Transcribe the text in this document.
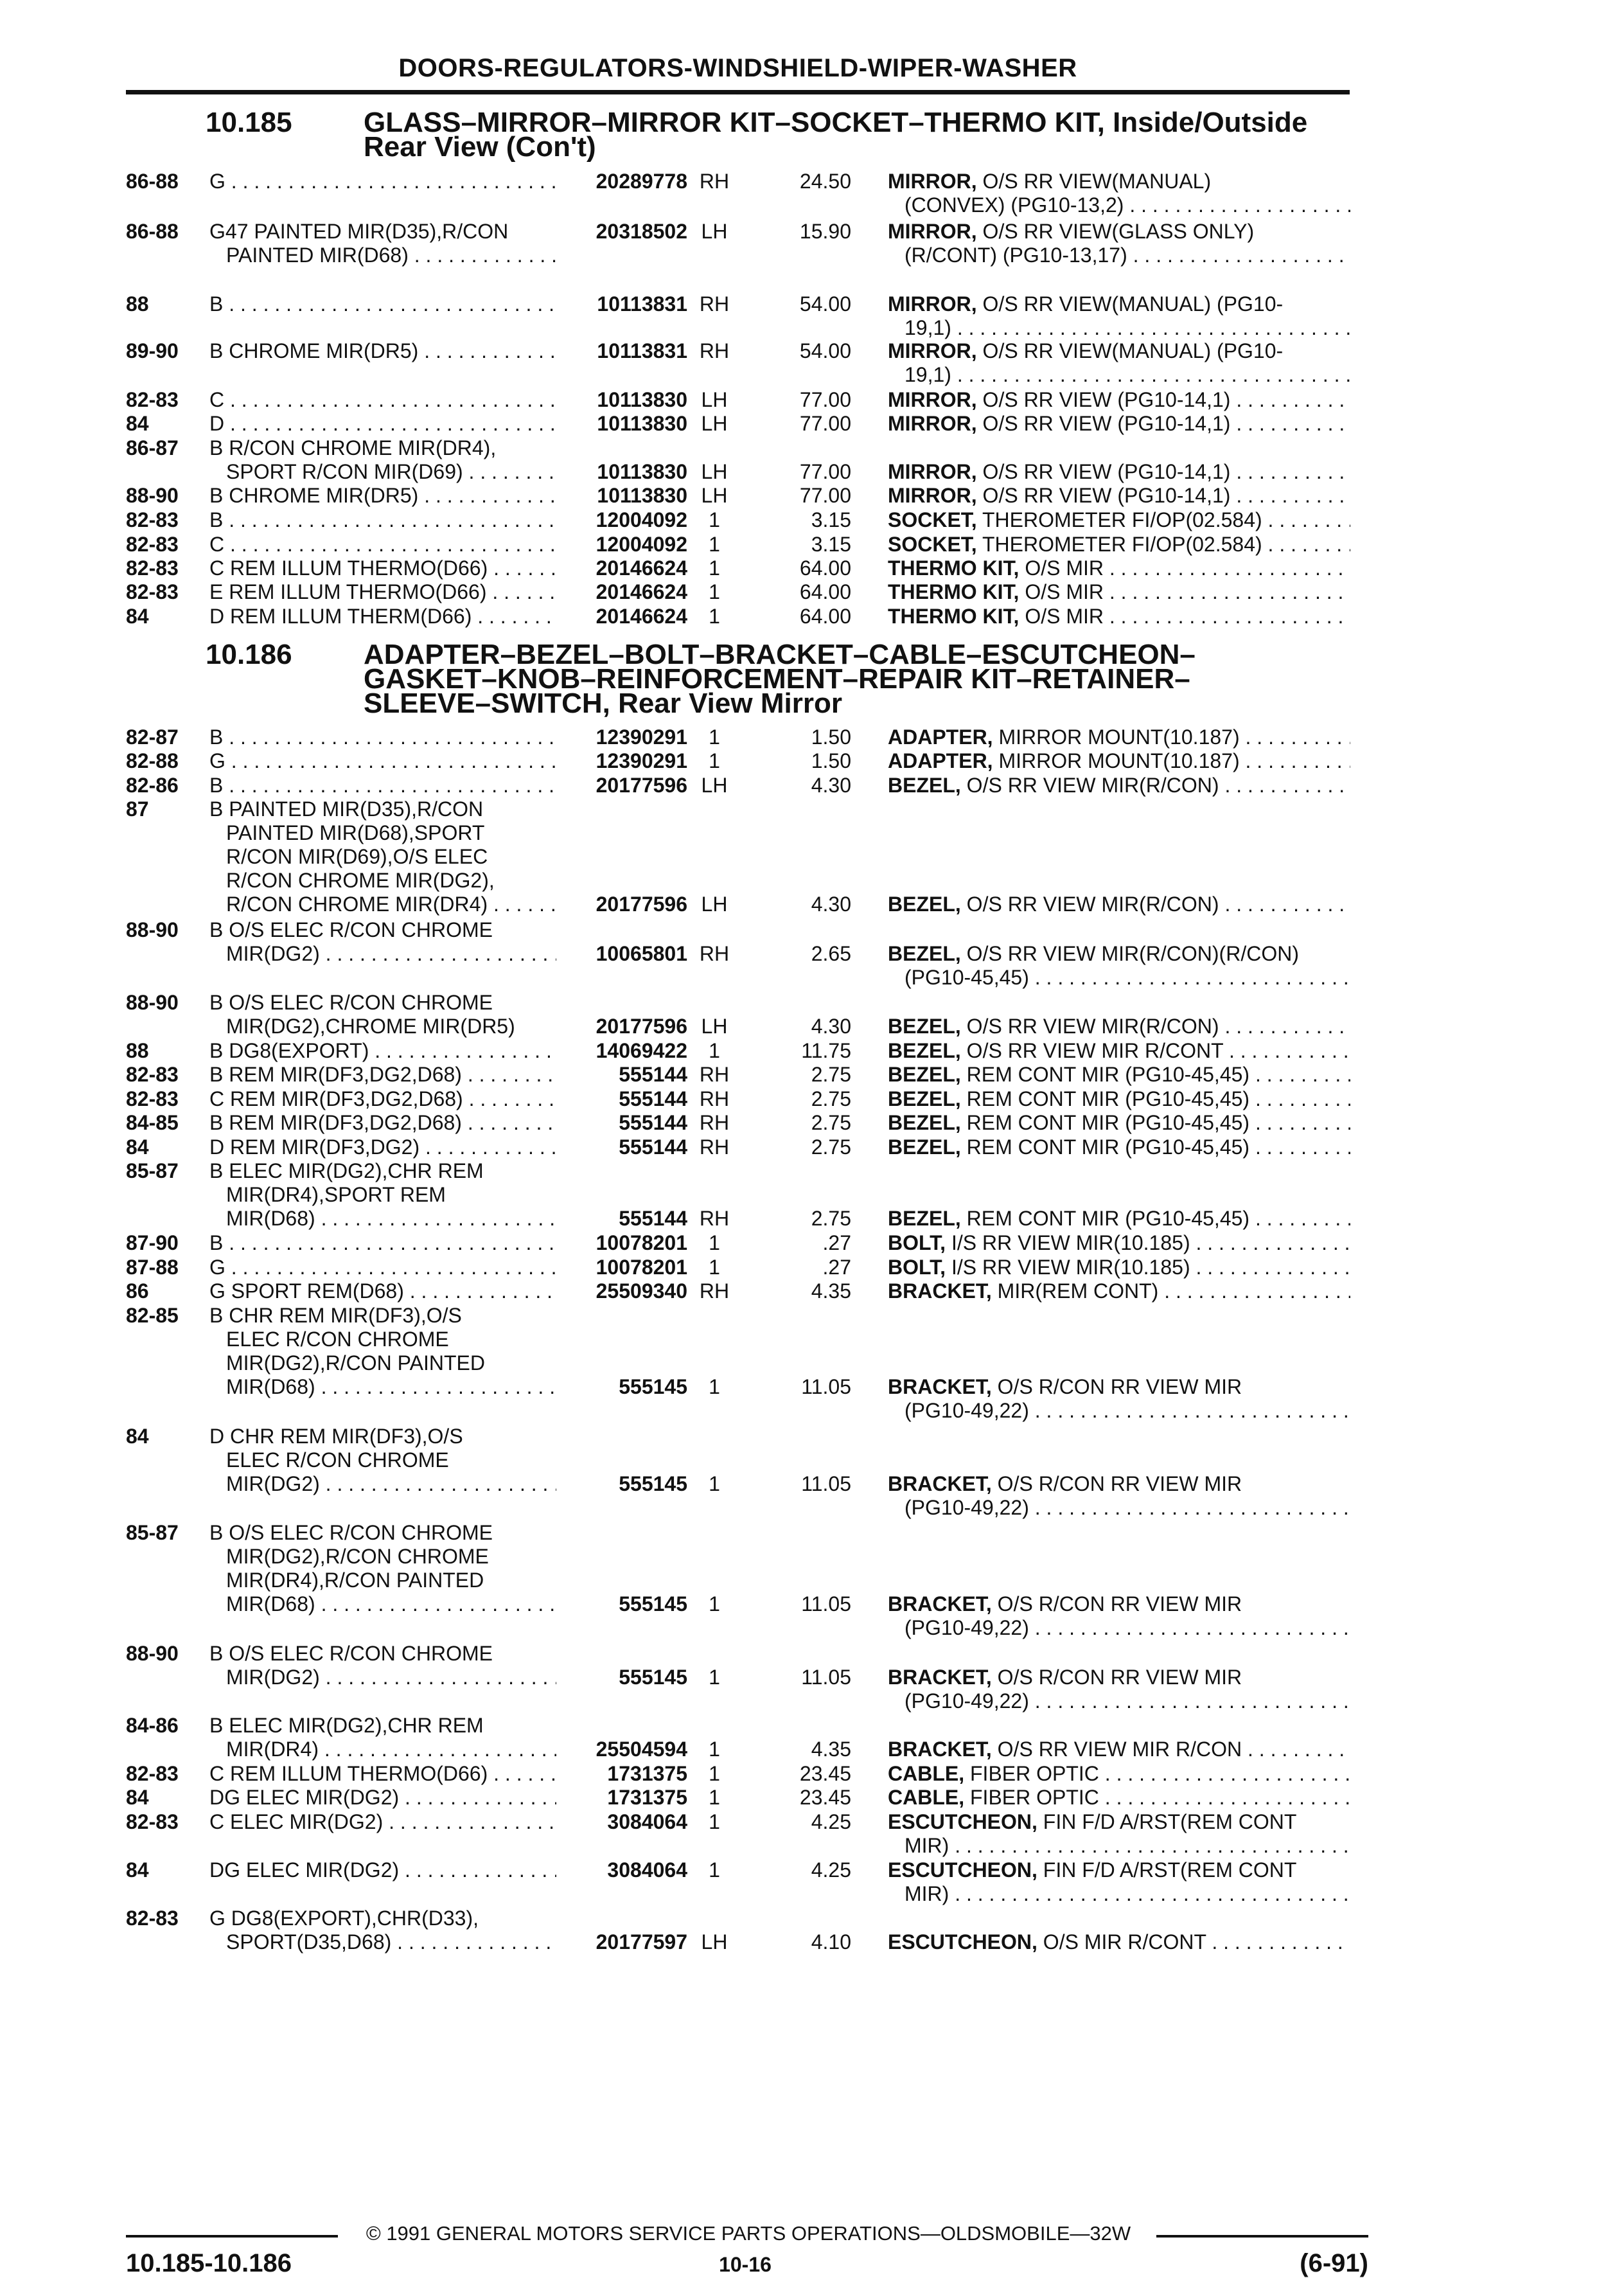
DOORS-REGULATORS-WINDSHIELD-WIPER-WASHER
10.185	GLASS–MIRROR–MIRROR KIT–SOCKET–THERMO KIT, Inside/Outside
Rear View (Con't)
10.186	ADAPTER–BEZEL–BOLT–BRACKET–CABLE–ESCUTCHEON–
GASKET–KNOB–REINFORCEMENT–REPAIR KIT–RETAINER–
SLEEVE–SWITCH, Rear View Mirror
86-88 G . . .	20289778 RH	24.50 MIRROR, O/S RR VIEW(MANUAL)
(CONVEX) (PG10-13,2) . . .
86-88 G47 PAINTED MIR(D35),R/CON
PAINTED MIR(D68) . . .
20318502 LH	15.90 MIRROR, O/S RR VIEW(GLASS ONLY)
(R/CONT) (PG10-13,17) . . .
88	B . . .	10113831 RH	54.00 MIRROR, O/S RR VIEW(MANUAL) (PG10-
19,1) . . .
89-90 B CHROME MIR(DR5) . . .	10113831 RH	54.00 MIRROR, O/S RR VIEW(MANUAL) (PG10-
19,1) . . .
82-83 C . . .	10113830 LH	77.00 MIRROR, O/S RR VIEW (PG10-14,1) . . .
84	D . . .	10113830 LH	77.00 MIRROR, O/S RR VIEW (PG10-14,1) . . .
86-87 B R/CON CHROME MIR(DR4),
SPORT R/CON MIR(D69) . . .	10113830 LH	77.00 MIRROR, O/S RR VIEW (PG10-14,1) . . .
88-90 B CHROME MIR(DR5) . . .	10113830 LH	77.00 MIRROR, O/S RR VIEW (PG10-14,1) . . .
82-83 B . . .	12004092	1	3.15 SOCKET, THEROMETER FI/OP(02.584) . . .
82-83 C . . .	12004092	1	3.15 SOCKET, THEROMETER FI/OP(02.584) . . .
82-83 C REM ILLUM THERMO(D66) . . .	20146624	1	64.00 THERMO KIT, O/S MIR . . .
82-83 E REM ILLUM THERMO(D66) . . .	20146624	1	64.00 THERMO KIT, O/S MIR . . .
84	D REM ILLUM THERM(D66) . . .	20146624	1	64.00 THERMO KIT, O/S MIR . . .
82-87 B . . .	12390291	1	1.50 ADAPTER, MIRROR MOUNT(10.187) . . .
82-88 G . . .	12390291	1	1.50 ADAPTER, MIRROR MOUNT(10.187) . . .
82-86 B . . .	20177596 LH	4.30 BEZEL, O/S RR VIEW MIR(R/CON) . . .
87	B PAINTED MIR(D35),R/CON
PAINTED MIR(D68),SPORT
R/CON MIR(D69),O/S ELEC
R/CON CHROME MIR(DG2),
R/CON CHROME MIR(DR4) . . .	20177596 LH	4.30 BEZEL, O/S RR VIEW MIR(R/CON) . . .
88-90 B O/S ELEC R/CON CHROME
MIR(DG2) . . .	10065801 RH	2.65 BEZEL, O/S RR VIEW MIR(R/CON)(R/CON)
(PG10-45,45) . . .
88-90 B O/S ELEC R/CON CHROME
MIR(DG2),CHROME MIR(DR5)	20177596 LH	4.30 BEZEL, O/S RR VIEW MIR(R/CON) . . .
88	B DG8(EXPORT) . . .	14069422	1	11.75 BEZEL, O/S RR VIEW MIR R/CONT . . .
82-83 B REM MIR(DF3,DG2,D68) . . .	555144 RH	2.75 BEZEL, REM CONT MIR (PG10-45,45) . . .
82-83 C REM MIR(DF3,DG2,D68) . . .	555144 RH	2.75 BEZEL, REM CONT MIR (PG10-45,45) . . .
84-85 B REM MIR(DF3,DG2,D68) . . .	555144 RH	2.75 BEZEL, REM CONT MIR (PG10-45,45) . . .
84	D REM MIR(DF3,DG2) . . .	555144 RH	2.75 BEZEL, REM CONT MIR (PG10-45,45) . . .
85-87 B ELEC MIR(DG2),CHR REM
MIR(DR4),SPORT REM
MIR(D68) . . .	555144 RH	2.75 BEZEL, REM CONT MIR (PG10-45,45) . . .
87-90 B . . .	10078201	1	.27 BOLT, I/S RR VIEW MIR(10.185) . . .
87-88 G . . .	10078201	1	.27 BOLT, I/S RR VIEW MIR(10.185) . . .
86	G SPORT REM(D68) . . .	25509340 RH	4.35 BRACKET, MIR(REM CONT) . . .
82-85 B CHR REM MIR(DF3),O/S
ELEC R/CON CHROME
MIR(DG2),R/CON PAINTED
MIR(D68) . . .	555145	1	11.05 BRACKET, O/S R/CON RR VIEW MIR
(PG10-49,22) . . .
84	D CHR REM MIR(DF3),O/S
ELEC R/CON CHROME
MIR(DG2) . . .	555145	1	11.05 BRACKET, O/S R/CON RR VIEW MIR
(PG10-49,22) . . .
85-87 B O/S ELEC R/CON CHROME
MIR(DG2),R/CON CHROME
MIR(DR4),R/CON PAINTED
MIR(D68) . . .	555145	1	11.05 BRACKET, O/S R/CON RR VIEW MIR
(PG10-49,22) . . .
88-90 B O/S ELEC R/CON CHROME
MIR(DG2) . . .	555145	1	11.05 BRACKET, O/S R/CON RR VIEW MIR
(PG10-49,22) . . .
84-86 B ELEC MIR(DG2),CHR REM
MIR(DR4) . . .	25504594	1	4.35 BRACKET, O/S RR VIEW MIR R/CON . . .
82-83 C REM ILLUM THERMO(D66) . . .	1731375	1	23.45 CABLE, FIBER OPTIC . . .
84	DG ELEC MIR(DG2) . . .	1731375	1	23.45 CABLE, FIBER OPTIC . . .
82-83 C ELEC MIR(DG2) . . .	3084064	1	4.25 ESCUTCHEON, FIN F/D A/RST(REM CONT
MIR) . . .
84	DG ELEC MIR(DG2) . . .	3084064	1	4.25 ESCUTCHEON, FIN F/D A/RST(REM CONT
MIR) . . .
82-83 G DG8(EXPORT),CHR(D33),
SPORT(D35,D68) . . .	20177597 LH	4.10 ESCUTCHEON, O/S MIR R/CONT . . .
© 1991 GENERAL MOTORS SERVICE PARTS OPERATIONS—OLDSMOBILE—32W
10.185-10.186	10-16	(6-91)
